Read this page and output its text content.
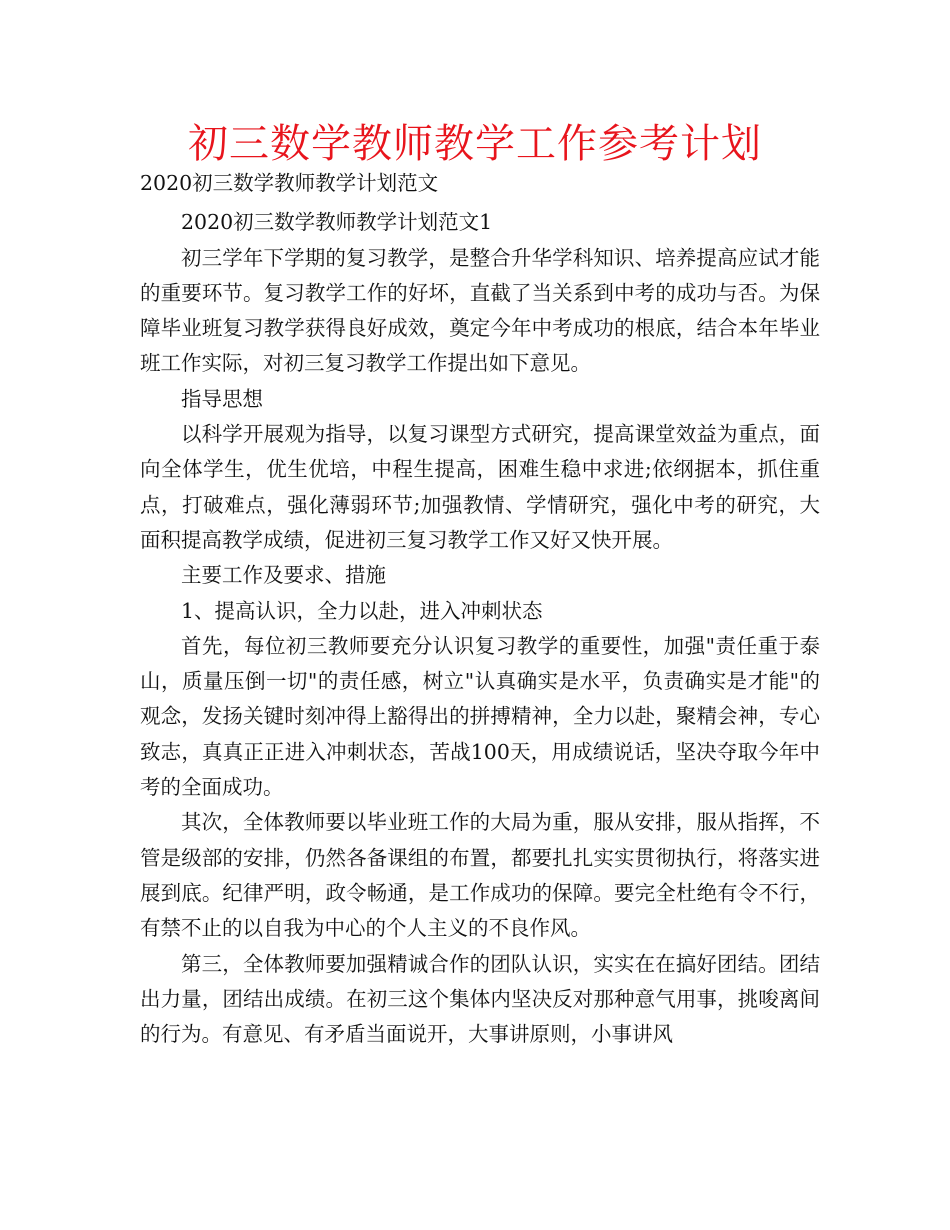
初三数学教师教学工作参考计划

2020初三数学教师教学计划范文

2020初三数学教师教学计划范文1

初三学年下学期的复习教学，是整合升华学科知识、培养提高应试才能的重要环节。复习教学工作的好坏，直截了当关系到中考的成功与否。为保障毕业班复习教学获得良好成效，奠定今年中考成功的根底，结合本年毕业班工作实际，对初三复习教学工作提出如下意见。

指导思想

以科学开展观为指导，以复习课型方式研究，提高课堂效益为重点，面向全体学生，优生优培，中程生提高，困难生稳中求进;依纲据本，抓住重点，打破难点，强化薄弱环节;加强教情、学情研究，强化中考的研究，大面积提高教学成绩，促进初三复习教学工作又好又快开展。

主要工作及要求、措施

1、提高认识，全力以赴，进入冲刺状态

首先，每位初三教师要充分认识复习教学的重要性，加强"责任重于泰山，质量压倒一切"的责任感，树立"认真确实是水平，负责确实是才能"的观念，发扬关键时刻冲得上豁得出的拼搏精神，全力以赴，聚精会神，专心致志，真真正正进入冲刺状态，苦战100天，用成绩说话，坚决夺取今年中考的全面成功。

其次，全体教师要以毕业班工作的大局为重，服从安排，服从指挥，不管是级部的安排，仍然各备课组的布置，都要扎扎实实贯彻执行，将落实进展到底。纪律严明，政令畅通，是工作成功的保障。要完全杜绝有令不行，有禁不止的以自我为中心的个人主义的不良作风。

第三，全体教师要加强精诚合作的团队认识，实实在在搞好团结。团结出力量，团结出成绩。在初三这个集体内坚决反对那种意气用事，挑唆离间的行为。有意见、有矛盾当面说开，大事讲原则，小事讲风
